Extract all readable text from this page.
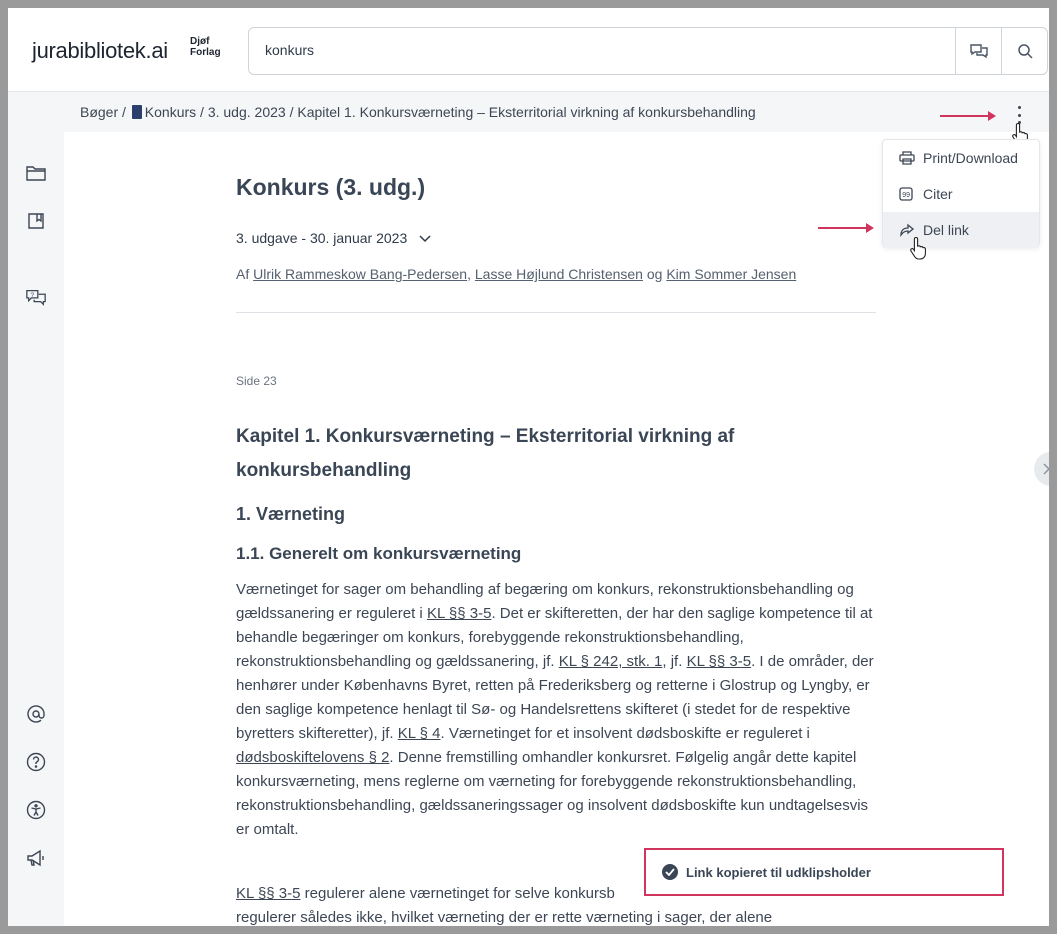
jurabibliotek.ai Djøf
Forlag	konkurs
Bøger / Konkurs / 3. udg. 2023 / Kapitel 1. Konkursværneting – Eksterritorial virkning af konkursbehandling
?
Konkurs (3. udg.)
3. udgave - 30. januar 2023
Af Ulrik Rammeskow Bang-Pedersen, Lasse Højlund Christensen og Kim Sommer Jensen
Side 23
Kapitel 1. Konkursværneting – Eksterritorial virkning af konkursbehandling
1. Værneting
1.1. Generelt om konkursværneting
Værnetinget for sager om behandling af begæring om konkurs, rekonstruktionsbehandling og gældssanering er reguleret i KL §§ 3-5. Det er skifteretten, der har den saglige kompetence til at behandle begæringer om konkurs, forebyggende rekonstruktionsbehandling, rekonstruktionsbehandling og gældssanering, jf. KL § 242, stk. 1, jf. KL §§ 3-5. I de områder, der henhører under Københavns Byret, retten på Frederiksberg og retterne i Glostrup og Lyngby, er den saglige kompetence henlagt til Sø- og Handelsrettens skifteret (i stedet for de respektive byretters skifteretter), jf. KL § 4. Værnetinget for et insolvent dødsboskifte er reguleret i dødsboskiftelovens § 2. Denne fremstilling omhandler konkursret. Følgelig angår dette kapitel konkursværneting, mens reglerne om værneting for forebyggende rekonstruktionsbehandling, rekonstruktionsbehandling, gældssaneringssager og insolvent dødsboskifte kun undtagelsesvis er omtalt.
KL §§ 3-5 regulerer alene værnetinget for selve konkursb
regulerer således ikke, hvilket værneting der er rette værneting i sager, der alene
Print/Download
99 Citer
Del link
Link kopieret til udklipsholder
